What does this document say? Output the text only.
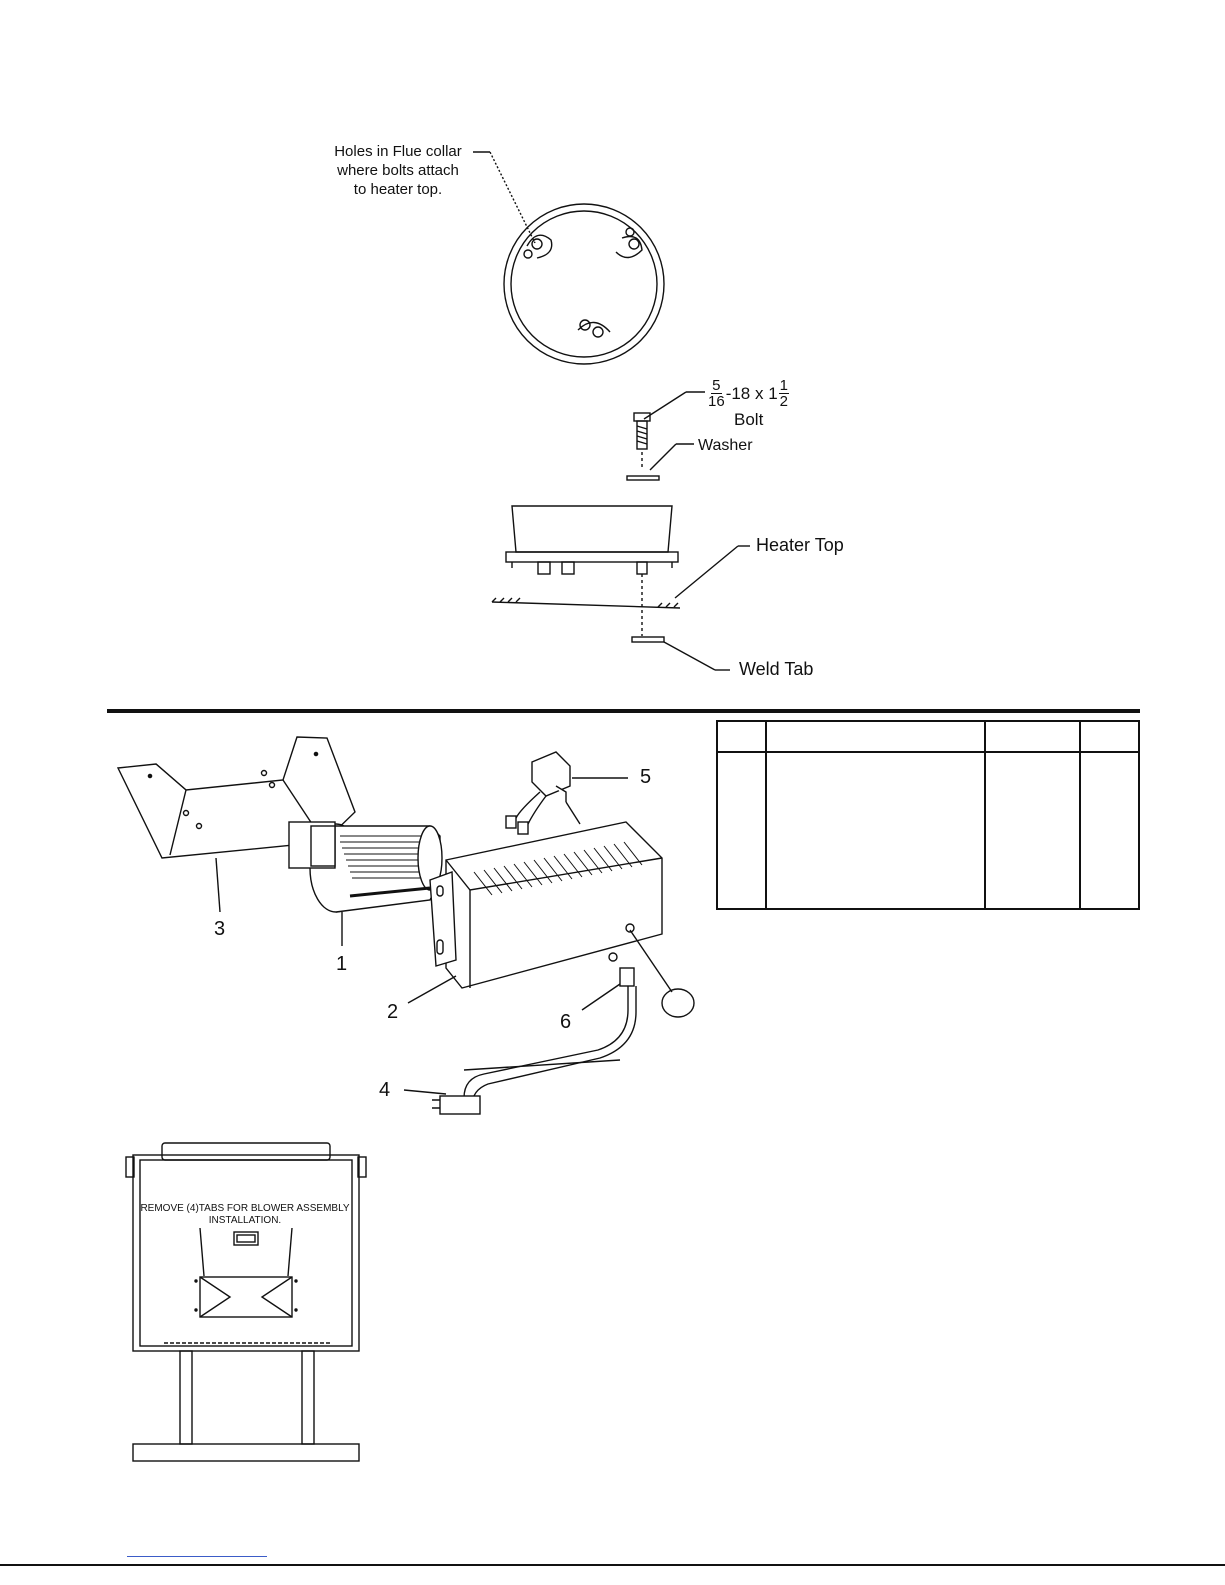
Holes in Flue collar
where bolts attach
to heater top.
$\frac{5}{16} -18$ x $1 \frac{1}{2}$
Bolt
Washer
Heater Top
Weld Tab
1
2
3
4
5
6
REMOVE (4)TABS FOR BLOWER ASSEMBLY
INSTALLATION.
